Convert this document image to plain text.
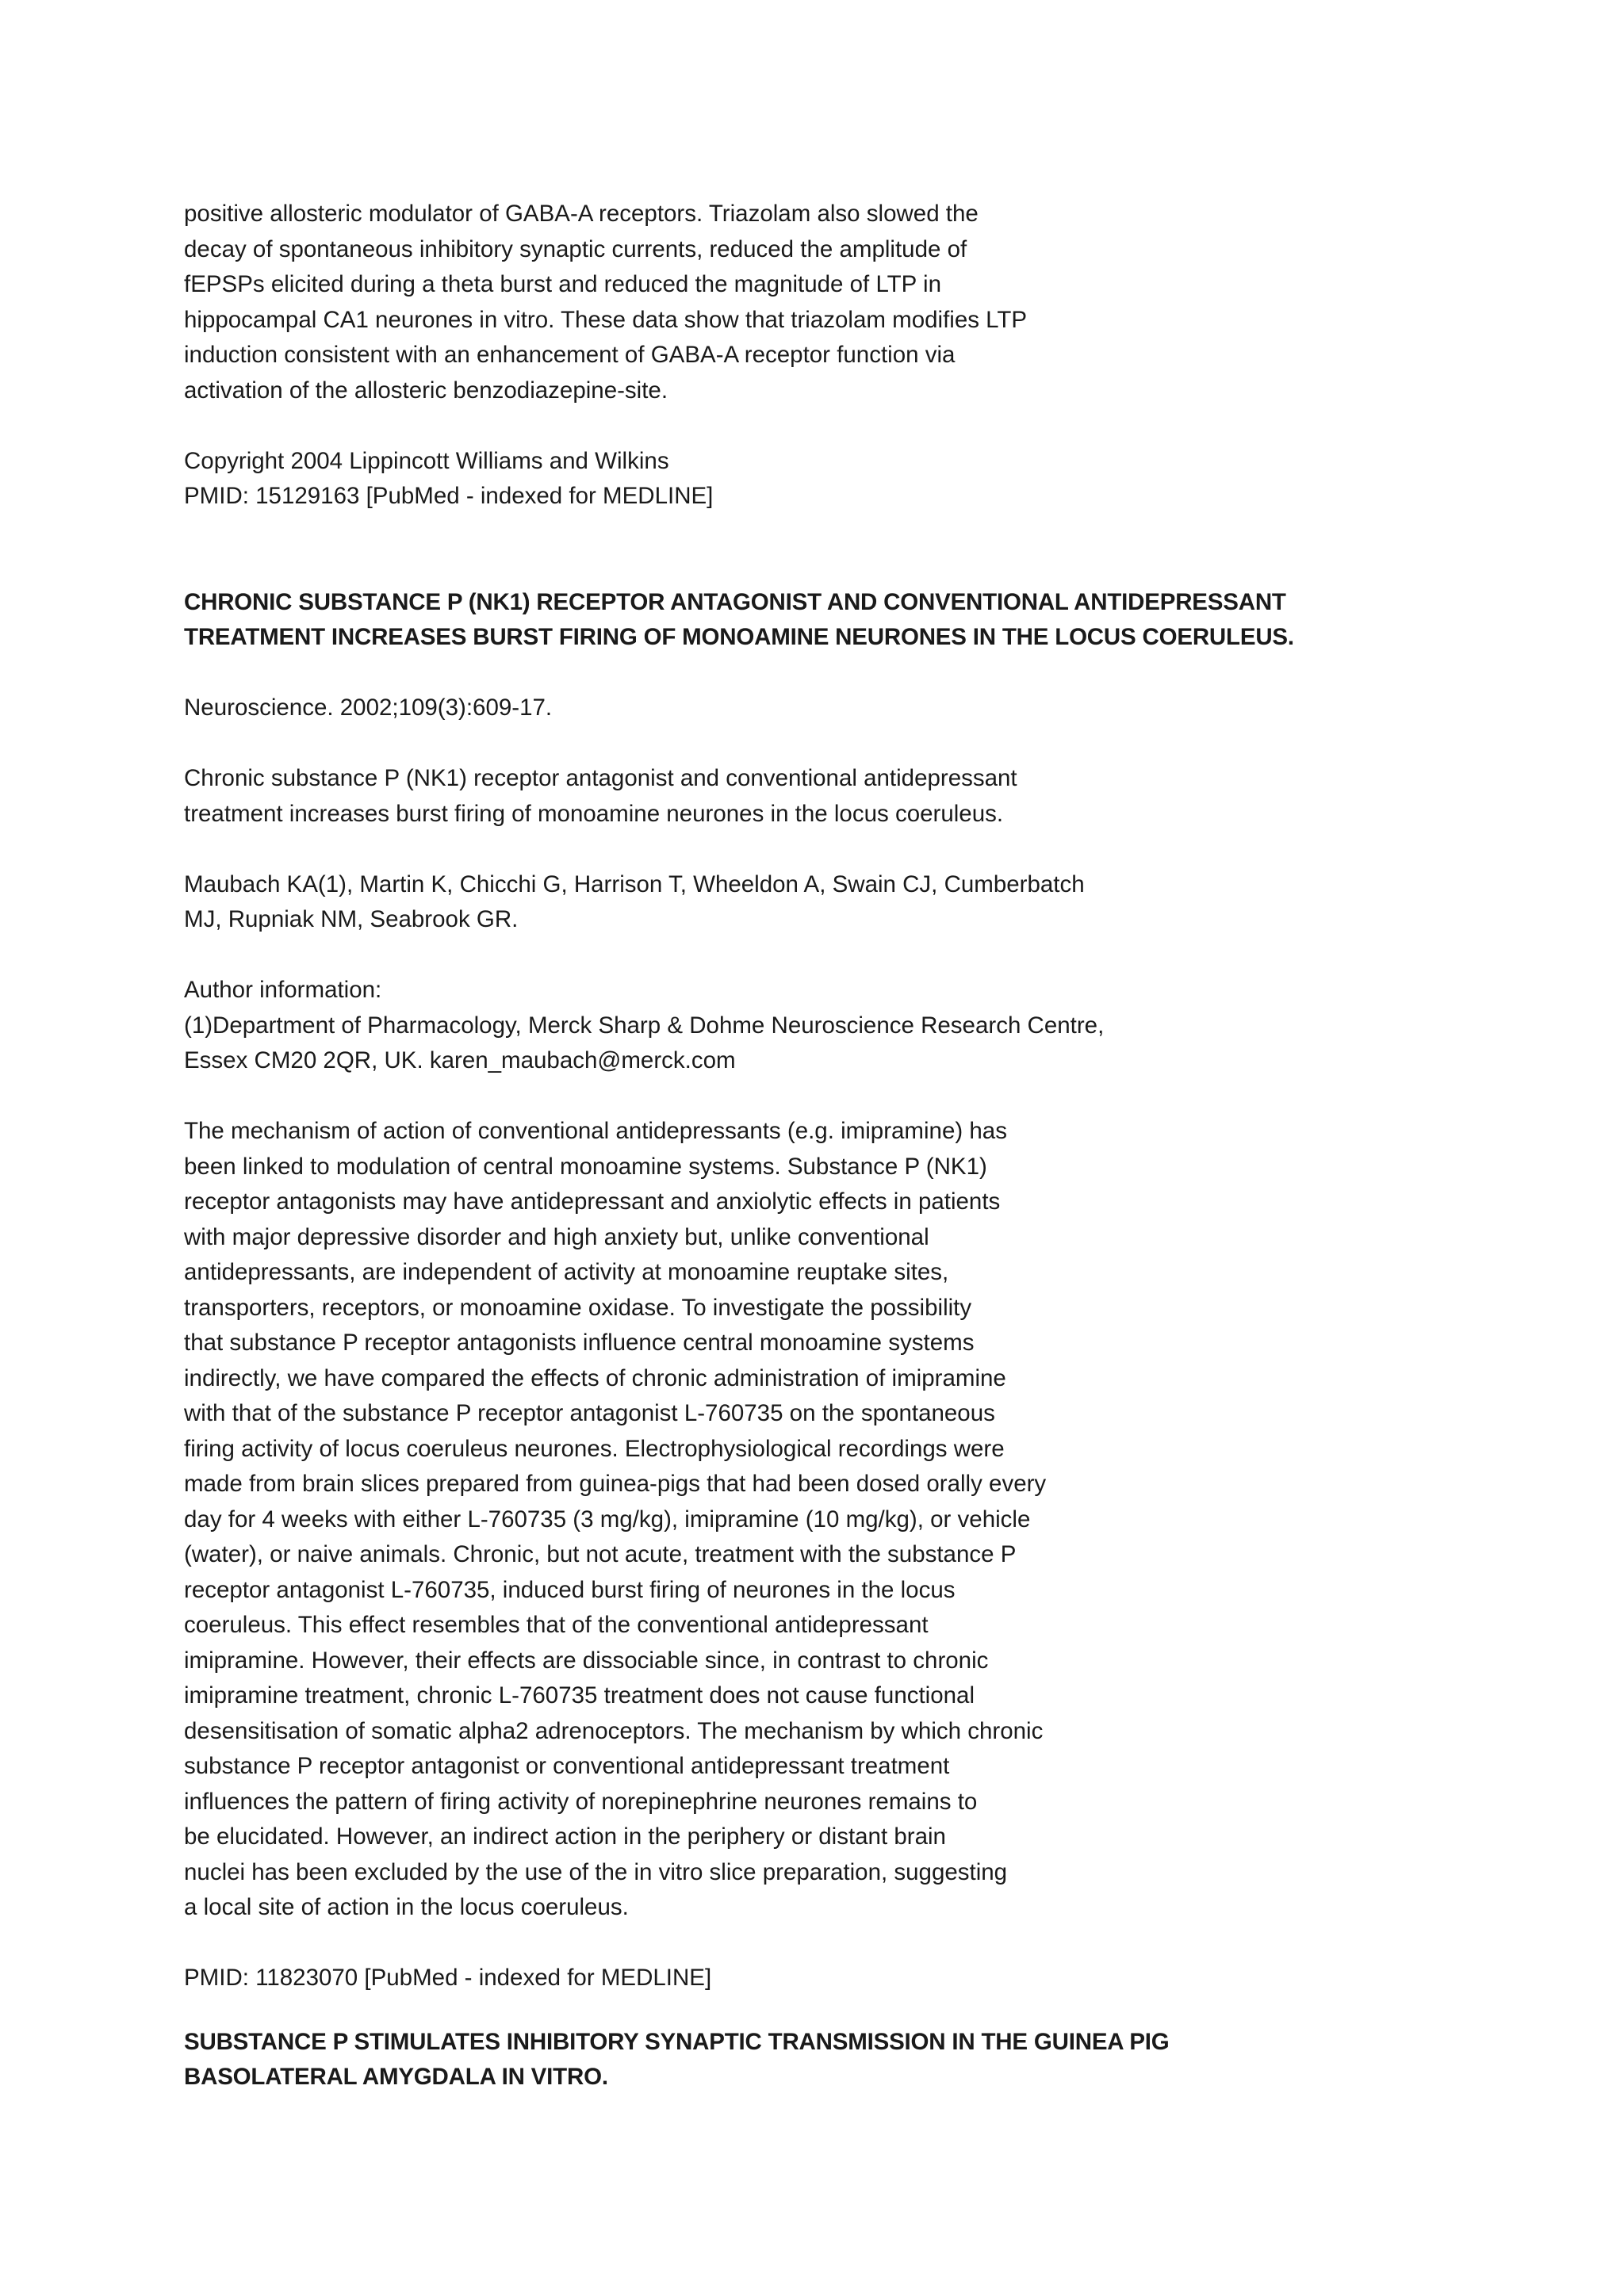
positive allosteric modulator of GABA-A receptors. Triazolam also slowed the
decay of spontaneous inhibitory synaptic currents, reduced the amplitude of
fEPSPs elicited during a theta burst and reduced the magnitude of LTP in
hippocampal CA1 neurones in vitro. These data show that triazolam modifies LTP
induction consistent with an enhancement of GABA-A receptor function via
activation of the allosteric benzodiazepine-site.
Copyright 2004 Lippincott Williams and Wilkins
PMID: 15129163 [PubMed - indexed for MEDLINE]
CHRONIC SUBSTANCE P (NK1) RECEPTOR ANTAGONIST AND CONVENTIONAL ANTIDEPRESSANT
TREATMENT INCREASES BURST FIRING OF MONOAMINE NEURONES IN THE LOCUS COERULEUS.
Neuroscience. 2002;109(3):609-17.
Chronic substance P (NK1) receptor antagonist and conventional antidepressant
treatment increases burst firing of monoamine neurones in the locus coeruleus.
Maubach KA(1), Martin K, Chicchi G, Harrison T, Wheeldon A, Swain CJ, Cumberbatch
MJ, Rupniak NM, Seabrook GR.
Author information:
(1)Department of Pharmacology, Merck Sharp & Dohme Neuroscience Research Centre,
Essex CM20 2QR, UK. karen_maubach@merck.com
The mechanism of action of conventional antidepressants (e.g. imipramine) has
been linked to modulation of central monoamine systems. Substance P (NK1)
receptor antagonists may have antidepressant and anxiolytic effects in patients
with major depressive disorder and high anxiety but, unlike conventional
antidepressants, are independent of activity at monoamine reuptake sites,
transporters, receptors, or monoamine oxidase. To investigate the possibility
that substance P receptor antagonists influence central monoamine systems
indirectly, we have compared the effects of chronic administration of imipramine
with that of the substance P receptor antagonist L-760735 on the spontaneous
firing activity of locus coeruleus neurones. Electrophysiological recordings were
made from brain slices prepared from guinea-pigs that had been dosed orally every
day for 4 weeks with either L-760735 (3 mg/kg), imipramine (10 mg/kg), or vehicle
(water), or naive animals. Chronic, but not acute, treatment with the substance P
receptor antagonist L-760735, induced burst firing of neurones in the locus
coeruleus. This effect resembles that of the conventional antidepressant
imipramine. However, their effects are dissociable since, in contrast to chronic
imipramine treatment, chronic L-760735 treatment does not cause functional
desensitisation of somatic alpha2 adrenoceptors. The mechanism by which chronic
substance P receptor antagonist or conventional antidepressant treatment
influences the pattern of firing activity of norepinephrine neurones remains to
be elucidated. However, an indirect action in the periphery or distant brain
nuclei has been excluded by the use of the in vitro slice preparation, suggesting
a local site of action in the locus coeruleus.
PMID: 11823070 [PubMed - indexed for MEDLINE]
SUBSTANCE P STIMULATES INHIBITORY SYNAPTIC TRANSMISSION IN THE GUINEA PIG
BASOLATERAL AMYGDALA IN VITRO.
